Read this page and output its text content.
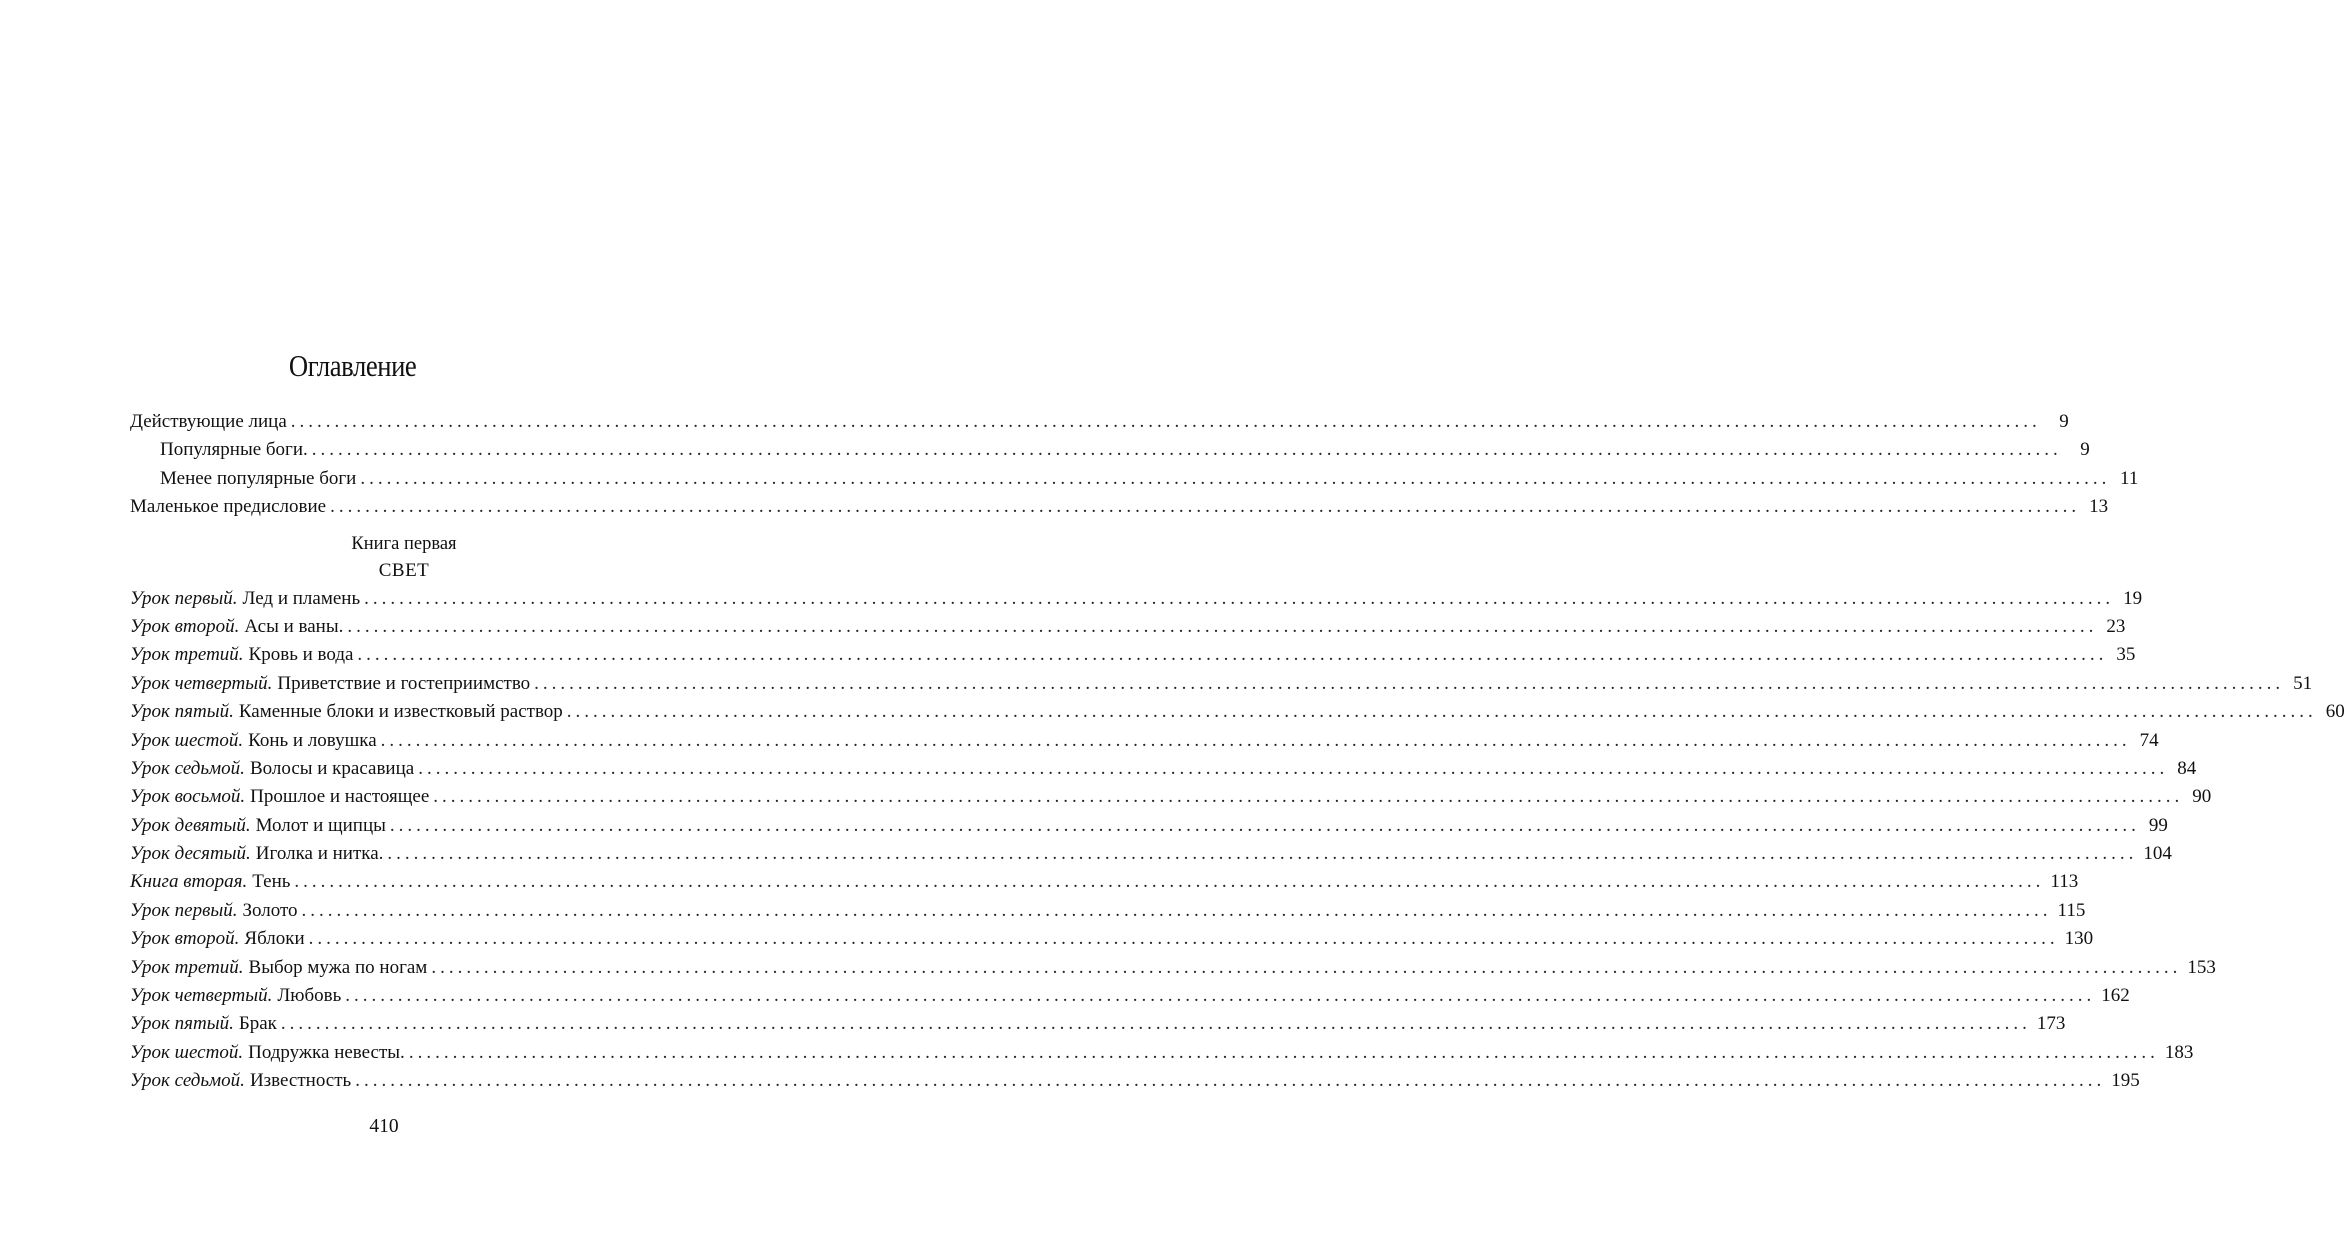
Оглавление
Действующие лица ........................................................................................................................................................................................................ 9
Популярные боги. ........................................................................................................................................................................................................ 9
Менее популярные боги ........................................................................................................................................................................................................ 11
Маленькое предисловие ........................................................................................................................................................................................................ 13
Книга первая
СВЕТ
Урок первый. Лед и пламень ........................................................................................................................................................................................................ 19
Урок второй. Асы и ваны. ........................................................................................................................................................................................................ 23
Урок третий. Кровь и вода ........................................................................................................................................................................................................ 35
Урок четвертый. Приветствие и гостеприимство ........................................................................................................................................................................................................ 51
Урок пятый. Каменные блоки и известковый раствор ........................................................................................................................................................................................................ 60
Урок шестой. Конь и ловушка ........................................................................................................................................................................................................ 74
Урок седьмой. Волосы и красавица ........................................................................................................................................................................................................ 84
Урок восьмой. Прошлое и настоящее ........................................................................................................................................................................................................ 90
Урок девятый. Молот и щипцы ........................................................................................................................................................................................................ 99
Урок десятый. Иголка и нитка. ........................................................................................................................................................................................................ 104
Книга вторая. Тень ........................................................................................................................................................................................................ 113
Урок первый. Золото ........................................................................................................................................................................................................ 115
Урок второй. Яблоки ........................................................................................................................................................................................................ 130
Урок третий. Выбор мужа по ногам ........................................................................................................................................................................................................ 153
Урок четвертый. Любовь ........................................................................................................................................................................................................ 162
Урок пятый. Брак ........................................................................................................................................................................................................ 173
Урок шестой. Подружка невесты. ........................................................................................................................................................................................................ 183
Урок седьмой. Известность ........................................................................................................................................................................................................ 195
410
